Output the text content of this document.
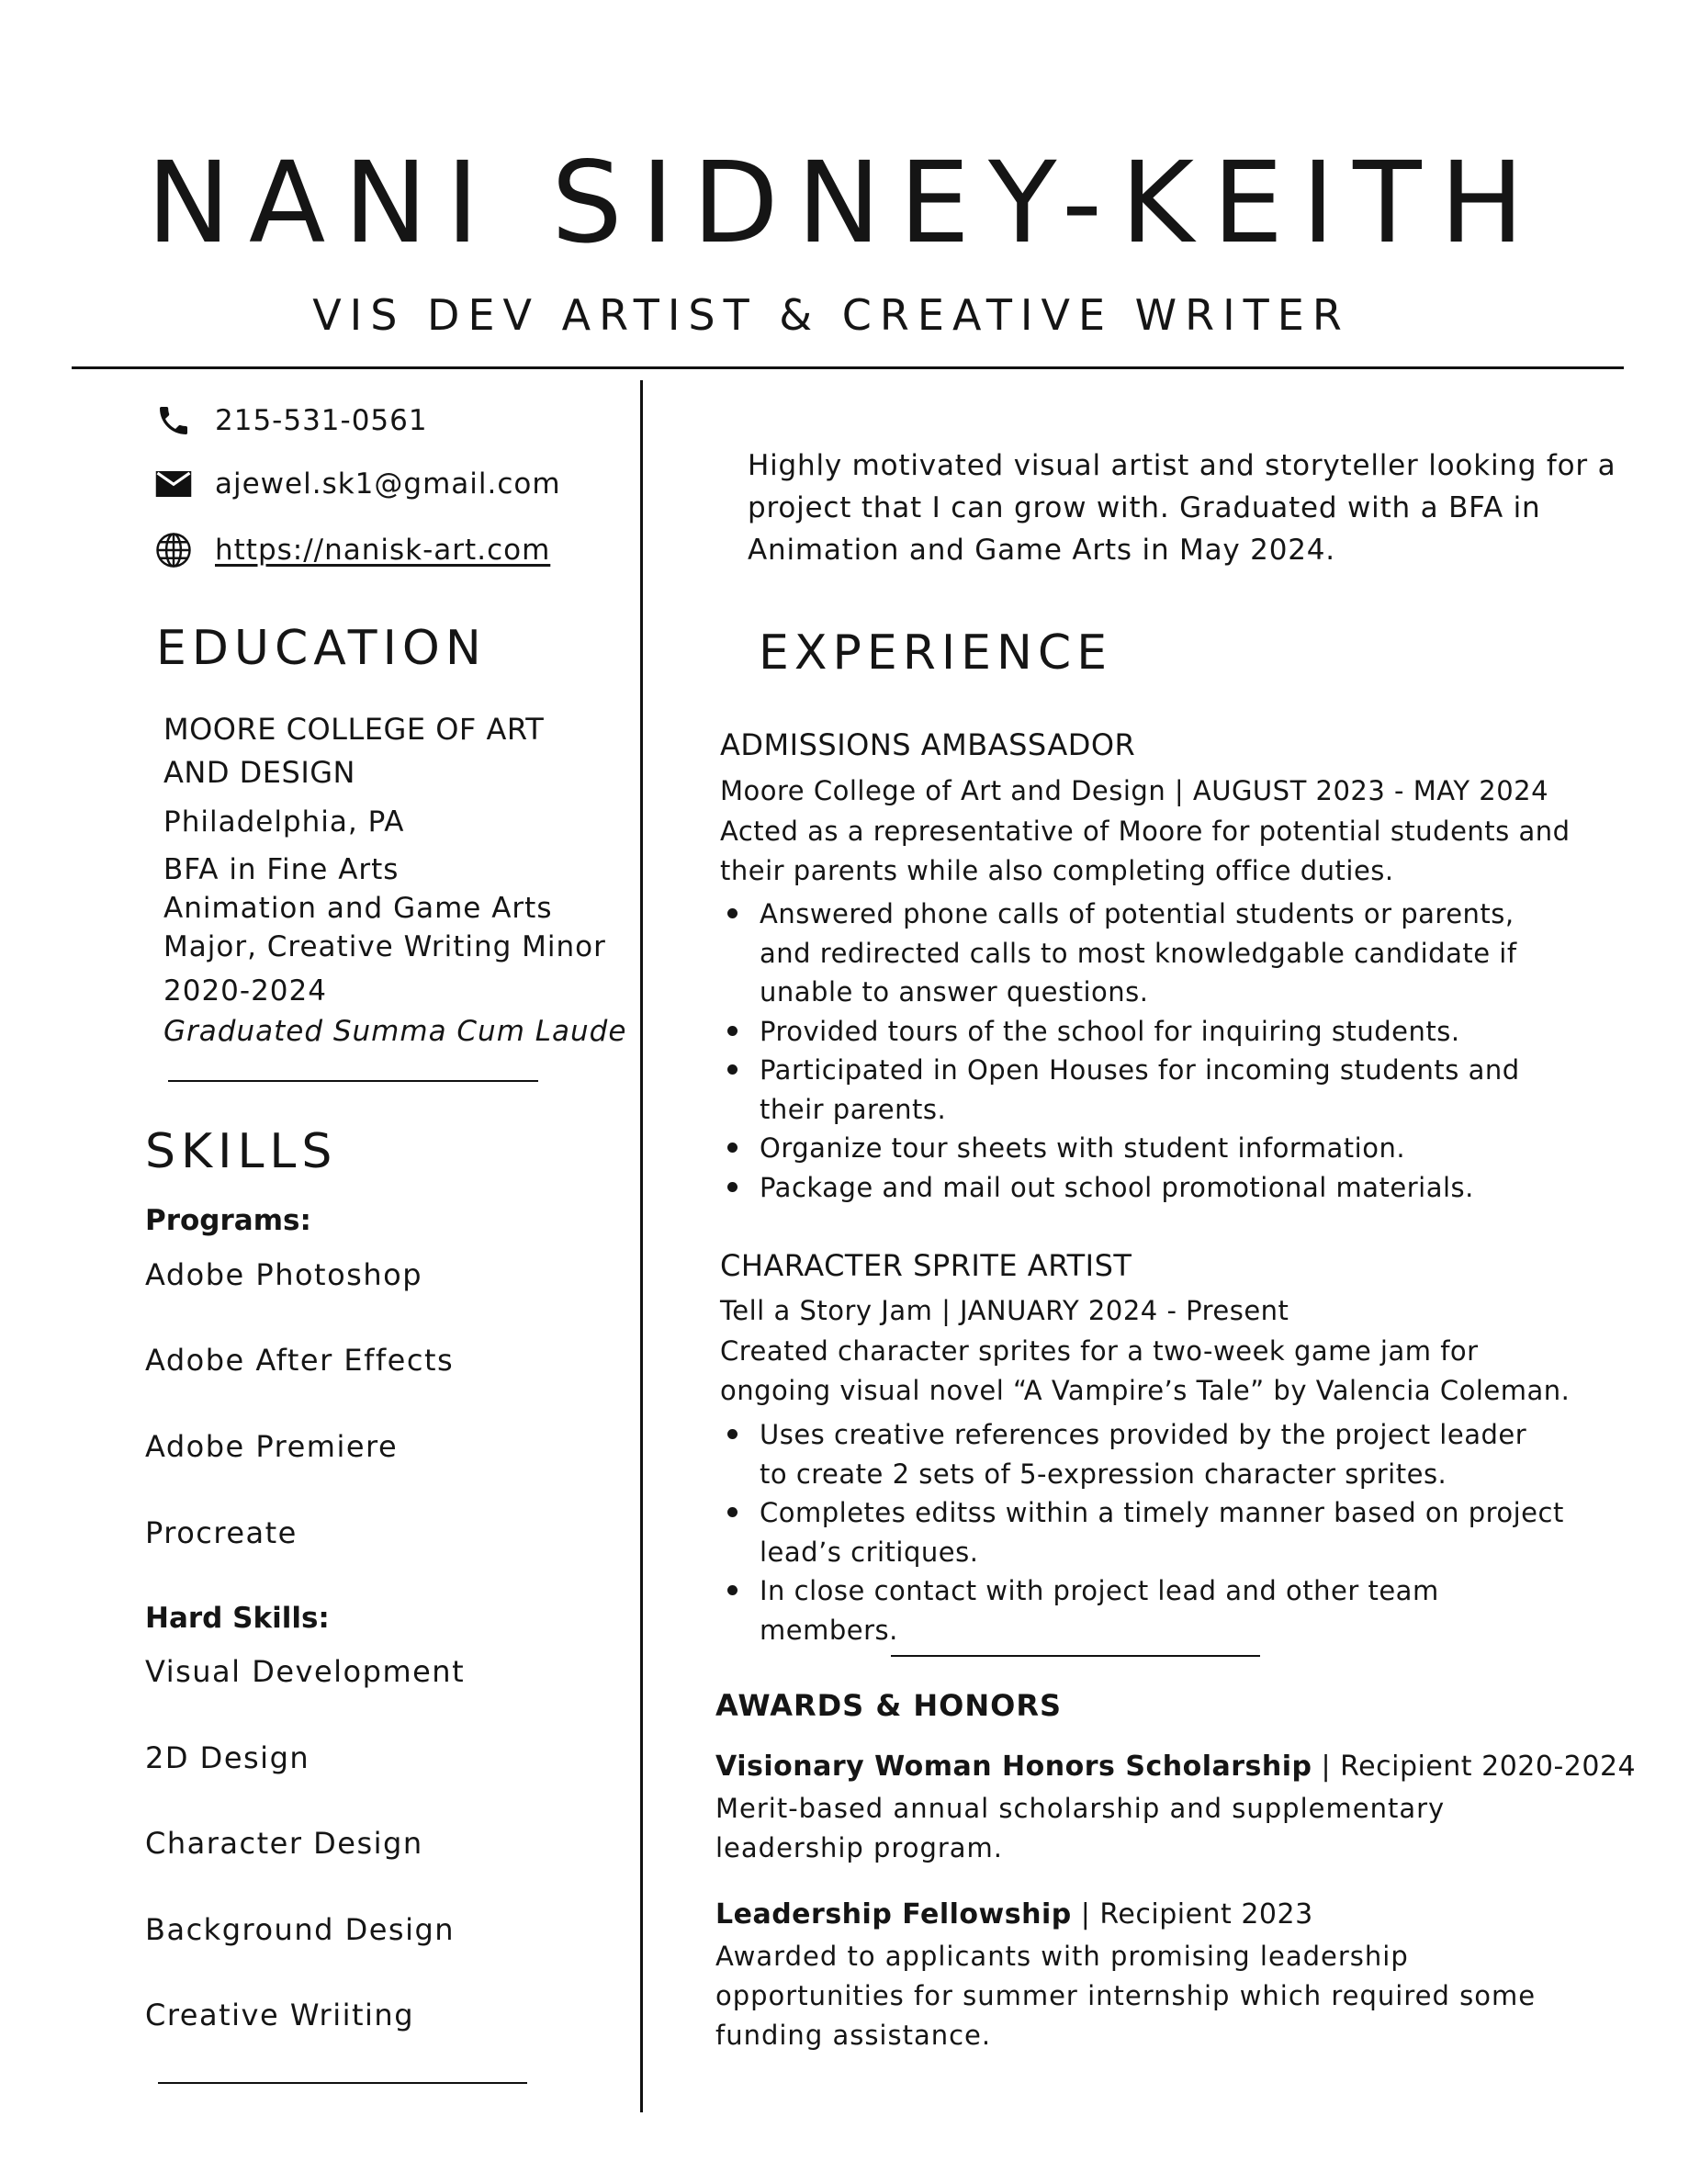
NANI SIDNEY-KEITH
VIS DEV ARTIST & CREATIVE WRITER
215-531-0561
ajewel.sk1@gmail.com
https://nanisk-art.com
EDUCATION
MOORE COLLEGE OF ART
AND DESIGN
Philadelphia, PA
BFA in Fine Arts
Animation and Game Arts
Major, Creative Writing Minor
2020-2024
Graduated Summa Cum Laude
SKILLS
Programs:
Adobe Photoshop
Adobe After Effects
Adobe Premiere
Procreate
Hard Skills:
Visual Development
2D Design
Character Design
Background Design
Creative Wriiting
Highly motivated visual artist and storyteller looking for a
project that I can grow with. Graduated with a BFA in
Animation and Game Arts in May 2024.
EXPERIENCE
ADMISSIONS AMBASSADOR
Moore College of Art and Design | AUGUST 2023 - MAY 2024
Acted as a representative of Moore for potential students and
their parents while also completing office duties.
Answered phone calls of potential students or parents,
and redirected calls to most knowledgable candidate if
unable to answer questions.
Provided tours of the school for inquiring students.
Participated in Open Houses for incoming students and
their parents.
Organize tour sheets with student information.
Package and mail out school promotional materials.
CHARACTER SPRITE ARTIST
Tell a Story Jam | JANUARY 2024 - Present
Created character sprites for a two-week game jam for
ongoing visual novel “A Vampire’s Tale” by Valencia Coleman.
Uses creative references provided by the project leader
to create 2 sets of 5-expression character sprites.
Completes editss within a timely manner based on project
lead’s critiques.
In close contact with project lead and other team
members.
AWARDS & HONORS
Visionary Woman Honors Scholarship | Recipient 2020-2024
Merit-based annual scholarship and supplementary
leadership program.
Leadership Fellowship | Recipient 2023
Awarded to applicants with promising leadership
opportunities for summer internship which required some
funding assistance.
